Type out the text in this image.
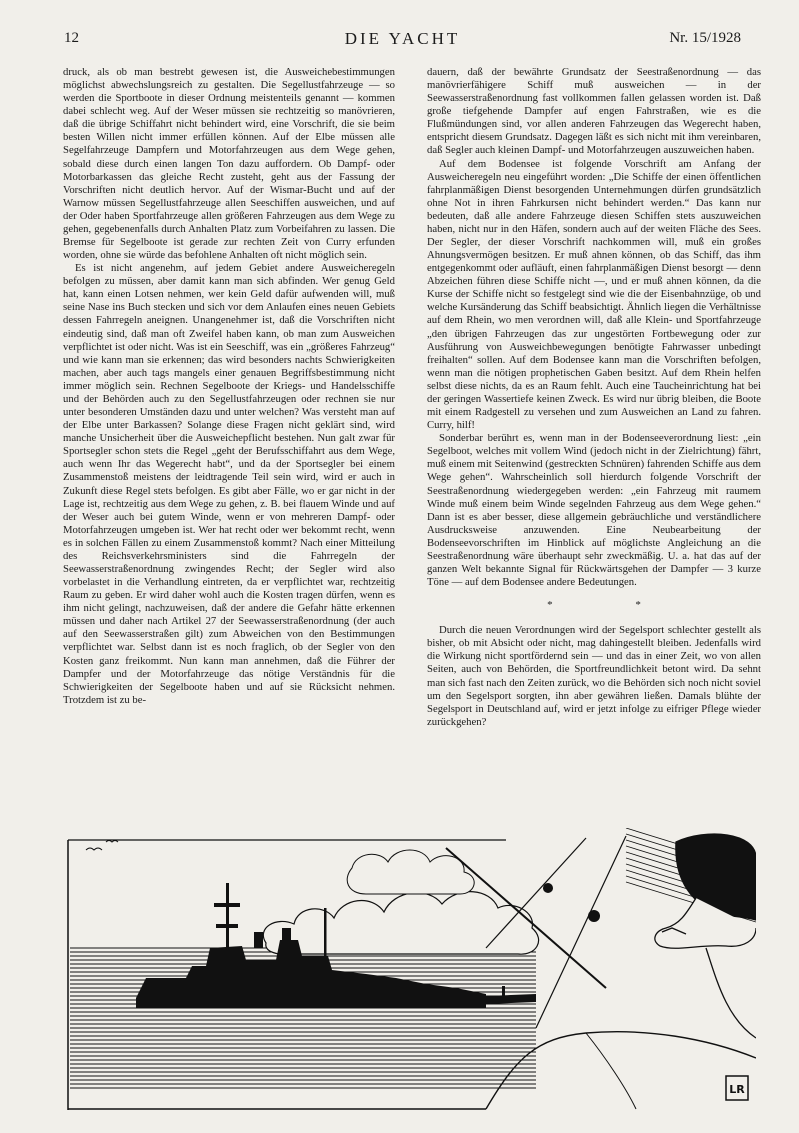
12	DIE YACHT	Nr. 15/1928

druck, als ob man bestrebt gewesen ist, die Ausweichebestimmungen möglichst abwechslungsreich zu gestalten. Die Segellustfahrzeuge — so werden die Sportboote in dieser Ordnung meistenteils genannt — kommen dabei schlecht weg. Auf der Weser müssen sie rechtzeitig so manövrieren, daß die übrige Schiffahrt nicht behindert wird, eine Vorschrift, die sie beim besten Willen nicht immer erfüllen können. Auf der Elbe müssen alle Segelfahrzeuge Dampfern und Motorfahrzeugen aus dem Wege gehen, sobald diese durch einen langen Ton dazu auffordern. Ob Dampf- oder Motorbarkassen das gleiche Recht zusteht, geht aus der Fassung der Vorschriften nicht deutlich hervor. Auf der Wismar-Bucht und auf der Warnow müssen Segellustfahrzeuge allen Seeschiffen ausweichen, und auf der Oder haben Sportfahrzeuge allen größeren Fahrzeugen aus dem Wege zu gehen, gegebenenfalls durch Anhalten Platz zum Vorbeifahren zu lassen. Die Bremse für Segelboote ist gerade zur rechten Zeit von Curry erfunden worden, ohne sie würde das befohlene Anhalten oft nicht möglich sein.

Es ist nicht angenehm, auf jedem Gebiet andere Ausweicheregeln befolgen zu müssen, aber damit kann man sich abfinden. Wer genug Geld hat, kann einen Lotsen nehmen, wer kein Geld dafür aufwenden will, muß seine Nase ins Buch stecken und sich vor dem Anlaufen eines neuen Gebiets dessen Fahrregeln aneignen. Unangenehmer ist, daß die Vorschriften nicht eindeutig sind, daß man oft Zweifel haben kann, ob man zum Ausweichen verpflichtet ist oder nicht. Was ist ein Seeschiff, was ein „größeres Fahrzeug“ und wie kann man sie erkennen; das wird besonders nachts Schwierigkeiten machen, aber auch tags mangels einer genauen Begriffsbestimmung nicht immer möglich sein. Rechnen Segelboote der Kriegs- und Handelsschiffe und der Behörden auch zu den Segellustfahrzeugen oder rechnen sie nur unter besonderen Umständen dazu und unter welchen? Was versteht man auf der Elbe unter Barkassen? Solange diese Fragen nicht geklärt sind, wird manche Unsicherheit über die Ausweichepflicht bestehen. Nun galt zwar für Sportsegler schon stets die Regel „geht der Berufsschiffahrt aus dem Wege, auch wenn Ihr das Wegerecht habt“, und da der Sportsegler bei einem Zusammenstoß meistens der leidtragende Teil sein wird, wird er auch in Zukunft diese Regel stets befolgen. Es gibt aber Fälle, wo er gar nicht in der Lage ist, rechtzeitig aus dem Wege zu gehen, z. B. bei flauem Winde und auf der Weser auch bei gutem Winde, wenn er von mehreren Dampf- oder Motorfahrzeugen umgeben ist. Wer hat recht oder wer bekommt recht, wenn es in solchen Fällen zu einem Zusammenstoß kommt? Nach einer Mitteilung des Reichsverkehrsministers sind die Fahrregeln der Seewasserstraßenordnung zwingendes Recht; der Segler wird also vorbelastet in die Verhandlung eintreten, da er verpflichtet war, rechtzeitig Raum zu geben. Er wird daher wohl auch die Kosten tragen dürfen, wenn es ihm nicht gelingt, nachzuweisen, daß der andere die Gefahr hätte erkennen müssen und daher nach Artikel 27 der Seewasserstraßenordnung (der auch auf den Seewasserstraßen gilt) zum Abweichen von den Bestimmungen verpflichtet war. Selbst dann ist es noch fraglich, ob der Segler von den Kosten ganz freikommt. Nun kann man annehmen, daß die Führer der Dampfer und der Motorfahrzeuge das nötige Verständnis für die Schwierigkeiten der Segelboote haben und auf sie Rücksicht nehmen. Trotzdem ist zu be-

dauern, daß der bewährte Grundsatz der Seestraßenordnung — das manövrierfähigere Schiff muß ausweichen — in der Seewasserstraßenordnung fast vollkommen fallen gelassen worden ist. Daß große tiefgehende Dampfer auf engen Fahrstraßen, wie es die Flußmündungen sind, vor allen anderen Fahrzeugen das Wegerecht haben, entspricht diesem Grundsatz. Dagegen läßt es sich nicht mit ihm vereinbaren, daß Segler auch kleinen Dampf- und Motorfahrzeugen auszuweichen haben.

Auf dem Bodensee ist folgende Vorschrift am Anfang der Ausweicheregeln neu eingeführt worden: „Die Schiffe der einen öffentlichen fahrplanmäßigen Dienst besorgenden Unternehmungen dürfen grundsätzlich ohne Not in ihren Fahrkursen nicht behindert werden.“ Das kann nur bedeuten, daß alle andere Fahrzeuge diesen Schiffen stets auszuweichen haben, nicht nur in den Häfen, sondern auch auf der weiten Fläche des Sees. Der Segler, der dieser Vorschrift nachkommen will, muß ein großes Ahnungsvermögen besitzen. Er muß ahnen können, ob das Schiff, das ihm entgegenkommt oder aufläuft, einen fahrplanmäßigen Dienst besorgt — denn Abzeichen führen diese Schiffe nicht —, und er muß ahnen können, da die Kurse der Schiffe nicht so festgelegt sind wie die der Eisenbahnzüge, ob und welche Kursänderung das Schiff beabsichtigt. Ähnlich liegen die Verhältnisse auf dem Rhein, wo men verordnen will, daß alle Klein- und Sportfahrzeuge „den übrigen Fahrzeugen das zur ungestörten Fortbewegung oder zur Ausführung von Ausweichbewegungen benötigte Fahrwasser unbedingt freihalten“ sollen. Auf dem Bodensee kann man die Vorschriften befolgen, wenn man die nötigen prophetischen Gaben besitzt. Auf dem Rhein helfen selbst diese nichts, da es an Raum fehlt. Auch eine Taucheinrichtung hat bei der geringen Wassertiefe keinen Zweck. Es wird nur übrig bleiben, die Boote mit einem Radgestell zu versehen und zum Ausweichen an Land zu fahren. Curry, hilf!

Sonderbar berührt es, wenn man in der Bodenseeverordnung liest: „ein Segelboot, welches mit vollem Wind (jedoch nicht in der Zielrichtung) fährt, muß einem mit Seitenwind (gestreckten Schnüren) fahrenden Schiffe aus dem Wege gehen“. Wahrscheinlich soll hierdurch folgende Vorschrift der Seestraßenordnung wiedergegeben werden: „ein Fahrzeug mit raumem Winde muß einem beim Winde segelnden Fahrzeug aus dem Wege gehen.“ Dann ist es aber besser, diese allgemein gebräuchliche und verständlichere Ausdrucksweise anzuwenden. Eine Neubearbeitung der Bodenseevorschriften im Hinblick auf möglichste Angleichung an die Seestraßenordnung wäre überhaupt sehr zweckmäßig. U. a. hat das auf der ganzen Welt bekannte Signal für Rückwärtsgehen der Dampfer — 3 kurze Töne — auf dem Bodensee andere Bedeutungen.

* *

Durch die neuen Verordnungen wird der Segelsport schlechter gestellt als bisher, ob mit Absicht oder nicht, mag dahingestellt bleiben. Jedenfalls wird die Wirkung nicht sportfördernd sein — und das in einer Zeit, wo von allen Seiten, auch von Behörden, die Sportfreundlichkeit betont wird. Da sehnt man sich fast nach den Zeiten zurück, wo die Behörden sich noch nicht soviel um den Segelsport sorgten, ihn aber gewähren ließen. Damals blühte der Segelsport in Deutschland auf, wird er jetzt infolge zu eifriger Pflege wieder zurückgehen?

LR
